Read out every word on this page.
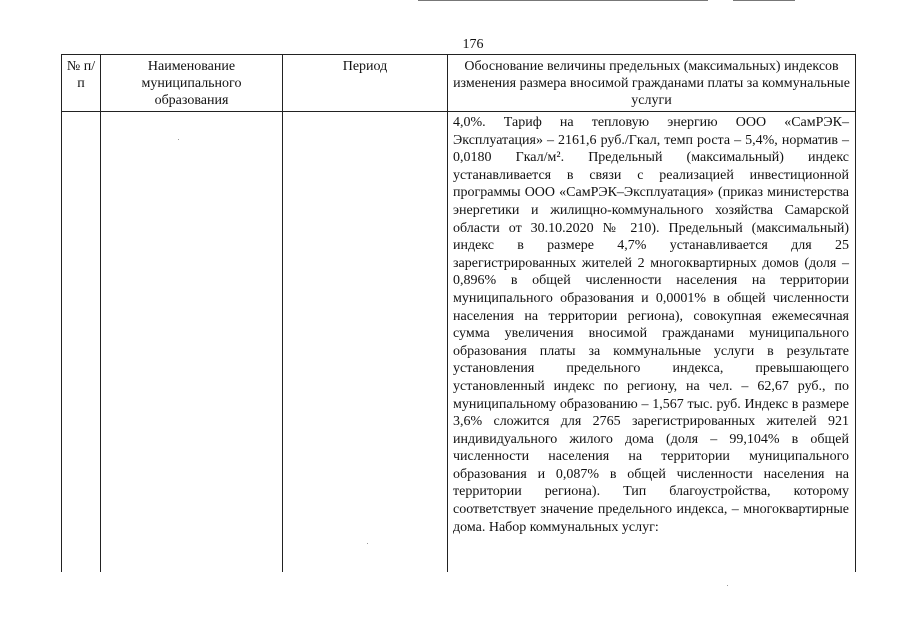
176
№ п/п	Наименование муниципального образования	Период	Обоснование величины предельных (максимальных) индексов изменения размера вносимой гражданами платы за коммунальные услуги

			4,0%. Тариф на тепловую энергию ООО «СамРЭК–Эксплуатация» – 2161,6 руб./Гкал, темп роста – 5,4%, норматив – 0,0180 Гкал/м². Предельный (максимальный) индекс устанавливается в связи с реализацией инвестиционной программы ООО «СамРЭК–Эксплуатация» (приказ министерства энергетики и жилищно-коммунального хозяйства Самарской области от 30.10.2020 № 210). Предельный (максимальный) индекс в размере 4,7% устанавливается для 25 зарегистрированных жителей 2 многоквартирных домов (доля – 0,896% в общей численности населения на территории муниципального образования и 0,0001% в общей численности населения на территории региона), совокупная ежемесячная сумма увеличения вносимой гражданами муниципального образования платы за коммунальные услуги в результате установления предельного индекса, превышающего установленный индекс по региону, на чел. – 62,67 руб., по муниципальному образованию – 1,567 тыс. руб. Индекс в размере 3,6% сложится для 2765 зарегистрированных жителей 921 индивидуального жилого дома (доля – 99,104% в общей численности населения на территории муниципального образования и 0,087% в общей численности населения на территории региона). Тип благоустройства, которому соответствует значение предельного индекса, – многоквартирные дома. Набор коммунальных услуг:
